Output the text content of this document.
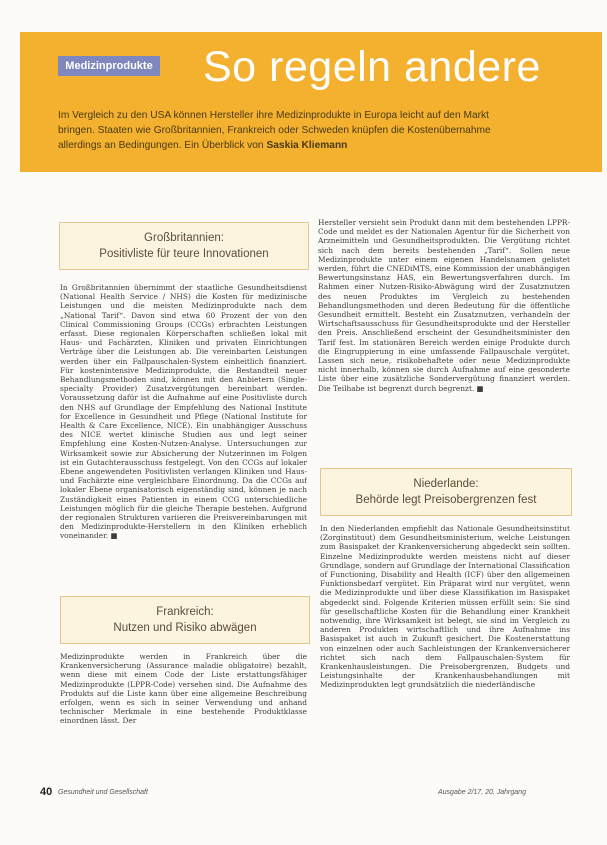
Medizinprodukte So regeln andere
Im Vergleich zu den USA können Hersteller ihre Medizinprodukte in Europa leicht auf den Markt bringen. Staaten wie Großbritannien, Frankreich oder Schweden knüpfen die Kostenübernahme allerdings an Bedingungen. Ein Überblick von Saskia Kliemann
Großbritannien:
Positivliste für teure Innovationen

In Großbritannien übernimmt der staatliche Gesundheitsdienst (National Health Service / NHS) die Kosten für medizinische Leistungen und die meisten Medizinprodukte nach dem „National Tarif“. Davon sind etwa 60 Prozent der von den Clinical Commissioning Groups (CCGs) erbrachten Leistungen erfasst. Diese regionalen Körperschaften schließen lokal mit Haus- und Fachärzten, Kliniken und privaten Einrichtungen Verträge über die Leistungen ab. Die vereinbarten Leistungen werden über ein Fallpauschalen-System einheitlich finanziert. Für kostenintensive Medizinprodukte, die Bestandteil neuer Behandlungsmethoden sind, können mit den Anbietern (Single-specialty Provider) Zusatzvergütungen bereinbart werden. Voraussetzung dafür ist die Aufnahme auf eine Positivliste durch den NHS auf Grundlage der Empfehlung des National Institute for Excellence in Gesundheit und Pflege (National Institute for Health & Care Excellence, NICE). Ein unabhängiger Ausschuss des NICE wertet klinische Studien aus und legt seiner Empfehlung eine Kosten-Nutzen-Analyse. Untersuchungen zur Wirksamkeit sowie zur Absicherung der Nutzerinnen im Folgen ist ein Gutachterausschuss festgelegt. Von den CCGs auf lokaler Ebene angewendeten Positivlisten verlangen Kliniken und Haus- und Fachärzte eine vergleichbare Einordnung. Da die CCGs auf lokaler Ebene organisatorisch eigenständig sind, können je nach Zuständigkeit eines Patienten in einem CCG unterschiedliche Leistungen möglich für die gleiche Therapie bestehen. Aufgrund der regionalen Strukturen variieren die Preisvereinbarungen mit den Medizinprodukte-Herstellern in den Kliniken erheblich voneinander. ■

Frankreich:
Nutzen und Risiko abwägen

Medizinprodukte werden in Frankreich über die Krankenversicherung (Assurance maladie obligatoire) bezahlt, wenn diese mit einem Code der Liste erstattungsfähiger Medizinprodukte (LPPR-Code) versehen sind. Die Aufnahme des Produkts auf die Liste kann über eine allgemeine Beschreibung erfolgen, wenn es sich in seiner Verwendung und anhand technischer Merkmale in eine bestehende Produktklasse einordnen lässt. Der

Hersteller versieht sein Produkt dann mit dem bestehenden LPPR-Code und meldet es der Nationalen Agentur für die Sicherheit von Arzneimitteln und Gesundheitsprodukten. Die Vergütung richtet sich nach dem bereits bestehenden „Tarif“. Sollen neue Medizinprodukte unter einem eigenen Handelsnamen gelistet werden, führt die CNEDiMTS, eine Kommission der unabhängigen Bewertungsinstanz HAS, ein Bewertungsverfahren durch. Im Rahmen einer Nutzen-Risiko-Abwägung wird der Zusatznutzen des neuen Produktes im Vergleich zu bestehenden Behandlungsmethoden und deren Bedeutung für die öffentliche Gesundheit ermittelt. Besteht ein Zusatznutzen, verhandeln der Wirtschaftsausschuss für Gesundheitsprodukte und der Hersteller den Preis. Anschließend erscheint der Gesundheitsminister den Tarif fest. Im stationären Bereich werden einige Produkte durch die Eingruppierung in eine umfassende Fallpauschale vergütet. Lassen sich neue, risikobehaftete oder neue Medizinprodukte nicht innerhalb, können sie durch Aufnahme auf eine gesonderte Liste über eine zusätzliche Sondervergütung finanziert werden. Die Teilhabe ist begrenzt durch begrenzt. ■

Niederlande:
Behörde legt Preisobergrenzen fest

In den Niederlanden empfiehlt das Nationale Gesundheitsinstitut (Zorginstituut) dem Gesundheitsministerium, welche Leistungen zum Basispaket der Krankenversicherung abgedeckt sein sollten. Einzelne Medizinprodukte werden meistens nicht auf dieser Grundlage, sondern auf Grundlage der International Classification of Functioning, Disability and Health (ICF) über den allgemeinen Funktionsbedarf vergütet. Ein Präparat wird nur vergütet, wenn die Medizinprodukte und über diese Klassifikation im Basispaket abgedeckt sind. Folgende Kriterien müssen erfüllt sein: Sie sind für gesellschaftliche Kosten für die Behandlung einer Krankheit notwendig, ihre Wirksamkeit ist belegt, sie sind im Vergleich zu anderen Produkten wirtschaftlich und ihre Aufnahme ins Basispaket ist auch in Zukunft gesichert. Die Kostenerstattung von einzelnen oder auch Sachleistungen der Krankenversicherer richtet sich nach dem Fallpauschalen-System für Krankenhausleistungen. Die Preisobergrenzen, Budgets und Leistungsinhalte der Krankenhausbehandlungen mit Medizinprodukten legt grundsätzlich die niederländische

40 Gesundheit und Gesellschaft	Ausgabe 2/17, 20. Jahrgang
